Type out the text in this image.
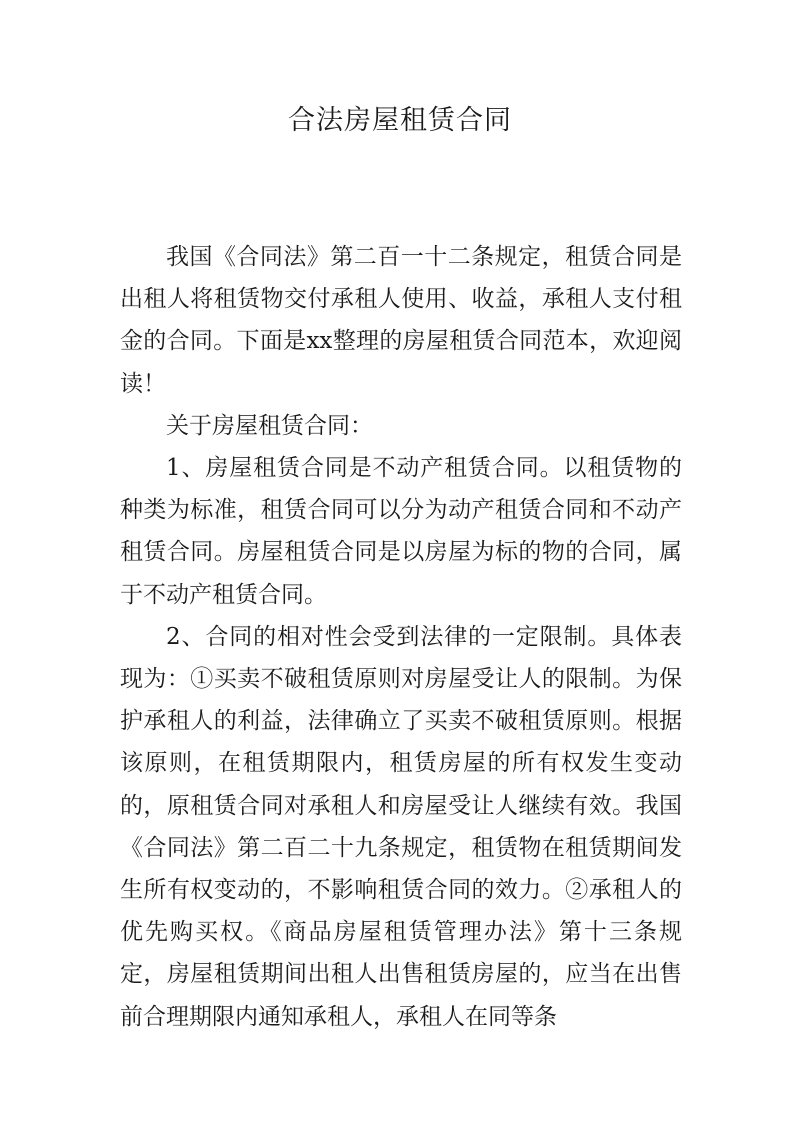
合法房屋租赁合同

我国《合同法》第二百一十二条规定，租赁合同是出租人将租赁物交付承租人使用、收益，承租人支付租金的合同。下面是xx整理的房屋租赁合同范本，欢迎阅读！

关于房屋租赁合同：

1、房屋租赁合同是不动产租赁合同。以租赁物的种类为标准，租赁合同可以分为动产租赁合同和不动产租赁合同。房屋租赁合同是以房屋为标的物的合同，属于不动产租赁合同。

2、合同的相对性会受到法律的一定限制。具体表现为：①买卖不破租赁原则对房屋受让人的限制。为保护承租人的利益，法律确立了买卖不破租赁原则。根据该原则，在租赁期限内，租赁房屋的所有权发生变动的，原租赁合同对承租人和房屋受让人继续有效。我国《合同法》第二百二十九条规定，租赁物在租赁期间发生所有权变动的，不影响租赁合同的效力。②承租人的优先购买权。《商品房屋租赁管理办法》第十三条规定，房屋租赁期间出租人出售租赁房屋的，应当在出售前合理期限内通知承租人，承租人在同等条
